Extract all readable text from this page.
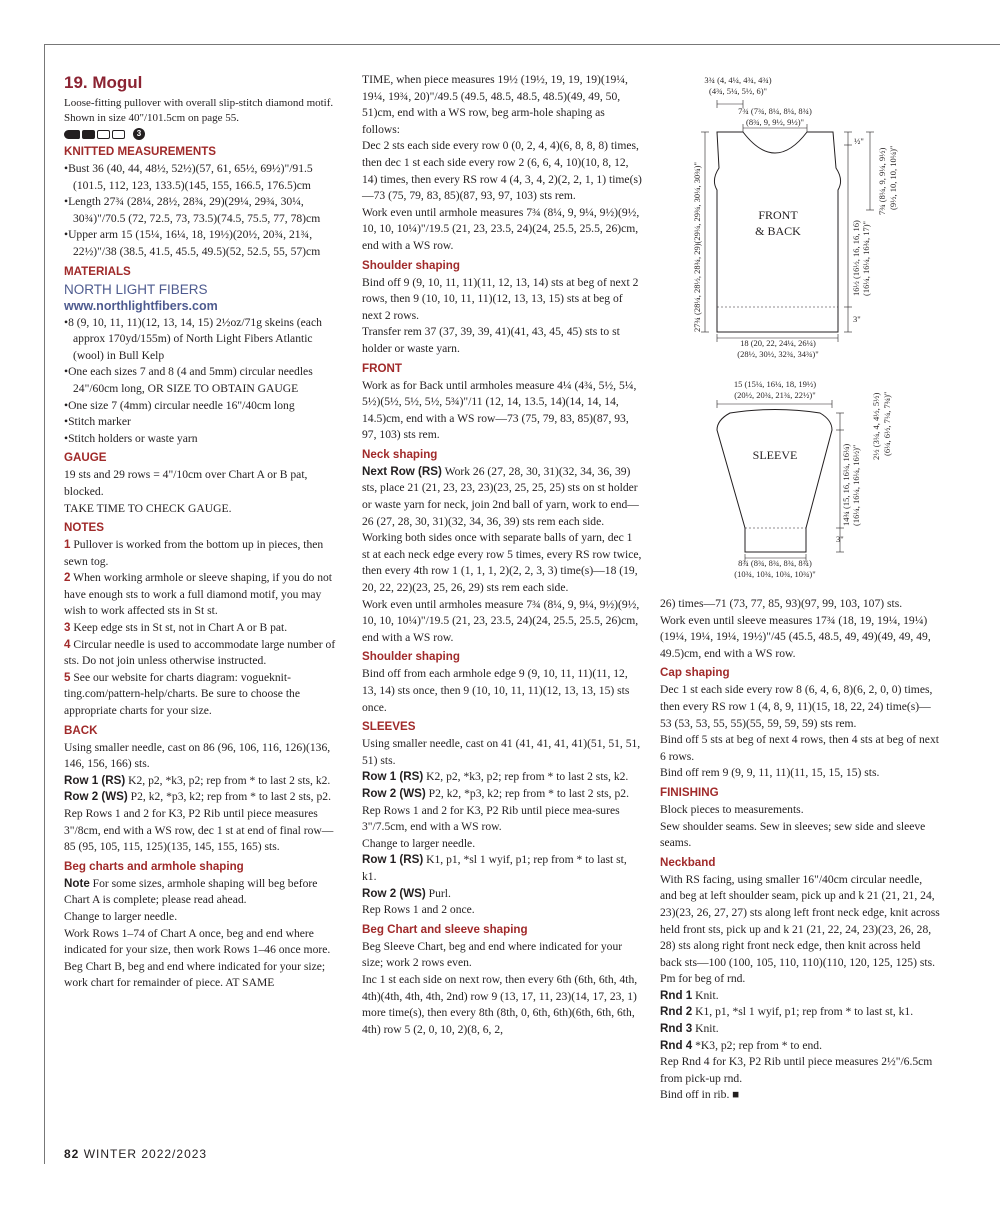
19. Mogul

Loose-fitting pullover with overall slip-stitch diamond motif. Shown in size 40"/101.5cm on page 55.

3
KNITTED MEASUREMENTS
• Bust 36 (40, 44, 48½, 52½)(57, 61, 65½, 69½)"/91.5 (101.5, 112, 123, 133.5)(145, 155, 166.5, 176.5)cm
• Length 27¾ (28¼, 28½, 28¾, 29)(29¼, 29¾, 30¼, 30¾)"/70.5 (72, 72.5, 73, 73.5)(74.5, 75.5, 77, 78)cm
• Upper arm 15 (15¼, 16¼, 18, 19½)(20½, 20¾, 21¾, 22½)"/38 (38.5, 41.5, 45.5, 49.5)(52, 52.5, 55, 57)cm
MATERIALS
NORTH LIGHT FIBERS
www.northlightfibers.com
• 8 (9, 10, 11, 11)(12, 13, 14, 15) 2½oz/71g skeins (each approx 170yd/155m) of North Light Fibers Atlantic (wool) in Bull Kelp
• One each sizes 7 and 8 (4 and 5mm) circular needles 24"/60cm long, OR SIZE TO OBTAIN GAUGE
• One size 7 (4mm) circular needle 16"/40cm long
• Stitch marker
• Stitch holders or waste yarn
GAUGE

19 sts and 29 rows = 4"/10cm over Chart A or B pat, blocked.

TAKE TIME TO CHECK GAUGE.

NOTES

1 Pullover is worked from the bottom up in pieces, then sewn tog.

2 When working armhole or sleeve shaping, if you do not have enough sts to work a full diamond motif, you may wish to work affected sts in St st.

3 Keep edge sts in St st, not in Chart A or B pat.

4 Circular needle is used to accommodate large number of sts. Do not join unless otherwise instructed.

5 See our website for charts diagram: vogueknit-ting.com/pattern-help/charts. Be sure to choose the appropriate charts for your size.

BACK

Using smaller needle, cast on 86 (96, 106, 116, 126)(136, 146, 156, 166) sts.

Row 1 (RS) K2, p2, *k3, p2; rep from * to last 2 sts, k2.

Row 2 (WS) P2, k2, *p3, k2; rep from * to last 2 sts, p2.

Rep Rows 1 and 2 for K3, P2 Rib until piece measures 3"/8cm, end with a WS row, dec 1 st at end of final row—85 (95, 105, 115, 125)(135, 145, 155, 165) sts.

Beg charts and armhole shaping

Note For some sizes, armhole shaping will beg before Chart A is complete; please read ahead.

Change to larger needle.

Work Rows 1–74 of Chart A once, beg and end where indicated for your size, then work Rows 1–46 once more.

Beg Chart B, beg and end where indicated for your size; work chart for remainder of piece. AT SAME

TIME, when piece measures 19½ (19½, 19, 19, 19)(19¼, 19¼, 19¾, 20)"/49.5 (49.5, 48.5, 48.5, 48.5)(49, 49, 50, 51)cm, end with a WS row, beg arm-hole shaping as follows:

Dec 2 sts each side every row 0 (0, 2, 4, 4)(6, 8, 8, 8) times, then dec 1 st each side every row 2 (6, 6, 4, 10)(10, 8, 12, 14) times, then every RS row 4 (4, 3, 4, 2)(2, 2, 1, 1) time(s)—73 (75, 79, 83, 85)(87, 93, 97, 103) sts rem.

Work even until armhole measures 7¾ (8¼, 9, 9¼, 9½)(9½, 10, 10, 10¼)"/19.5 (21, 23, 23.5, 24)(24, 25.5, 25.5, 26)cm, end with a WS row.

Shoulder shaping

Bind off 9 (9, 10, 11, 11)(11, 12, 13, 14) sts at beg of next 2 rows, then 9 (10, 10, 11, 11)(12, 13, 13, 15) sts at beg of next 2 rows.

Transfer rem 37 (37, 39, 39, 41)(41, 43, 45, 45) sts to st holder or waste yarn.

FRONT

Work as for Back until armholes measure 4¼ (4¾, 5½, 5¼, 5½)(5½, 5½, 5½, 5¾)"/11 (12, 14, 13.5, 14)(14, 14, 14, 14.5)cm, end with a WS row—73 (75, 79, 83, 85)(87, 93, 97, 103) sts rem.

Neck shaping

Next Row (RS) Work 26 (27, 28, 30, 31)(32, 34, 36, 39) sts, place 21 (21, 23, 23, 23)(23, 25, 25, 25) sts on st holder or waste yarn for neck, join 2nd ball of yarn, work to end—26 (27, 28, 30, 31)(32, 34, 36, 39) sts rem each side.

Working both sides once with separate balls of yarn, dec 1 st at each neck edge every row 5 times, every RS row twice, then every 4th row 1 (1, 1, 1, 2)(2, 2, 3, 3) time(s)—18 (19, 20, 22, 22)(23, 25, 26, 29) sts rem each side.

Work even until armholes measure 7¾ (8¼, 9, 9¼, 9½)(9½, 10, 10, 10¼)"/19.5 (21, 23, 23.5, 24)(24, 25.5, 25.5, 26)cm, end with a WS row.

Shoulder shaping

Bind off from each armhole edge 9 (9, 10, 11, 11)(11, 12, 13, 14) sts once, then 9 (10, 10, 11, 11)(12, 13, 13, 15) sts once.

SLEEVES

Using smaller needle, cast on 41 (41, 41, 41, 41)(51, 51, 51, 51) sts.

Row 1 (RS) K2, p2, *k3, p2; rep from * to last 2 sts, k2.

Row 2 (WS) P2, k2, *p3, k2; rep from * to last 2 sts, p2.

Rep Rows 1 and 2 for K3, P2 Rib until piece mea-sures 3"/7.5cm, end with a WS row.

Change to larger needle.

Row 1 (RS) K1, p1, *sl 1 wyif, p1; rep from * to last st, k1.

Row 2 (WS) Purl.

Rep Rows 1 and 2 once.

Beg Chart and sleeve shaping

Beg Sleeve Chart, beg and end where indicated for your size; work 2 rows even.

Inc 1 st each side on next row, then every 6th (6th, 6th, 4th, 4th)(4th, 4th, 4th, 2nd) row 9 (13, 17, 11, 23)(14, 17, 23, 1) more time(s), then every 8th (8th, 0, 6th, 6th)(6th, 6th, 6th, 4th) row 5 (2, 0, 10, 2)(8, 6, 2,

FRONT
& BACK
3¾ (4, 4¼, 4¾, 4¾)
(4¾, 5¼, 5½, 6)"
7¾ (7¾, 8¼, 8¼, 8¾)
(8¾, 9, 9½, 9½)"
½"
27¾ (28¼, 28½, 28¾, 29)(29¼, 29¾, 30¼, 30¾)"	7¾ (8¼, 9, 9¼, 9½) (9½, 10, 10, 10¼)"
16½ (16½, 16, 16, 16) (16¼, 16¼, 16¾, 17)"
3"
18 (20, 22, 24¼, 26¼)
(28½, 30½, 32¾, 34¾)"
SLEEVE
15 (15¼, 16¼, 18, 19½)
(20½, 20¾, 21¾, 22½)"	2½ (3¼, 4, 4½, 5½) (6¼, 6½, 7¼, 7¾)"
14¾ (15, 16, 16¼, 16¼) (16¼, 16¼, 16¼, 16½)"
3"
8¾ (8¾, 8¾, 8¾, 8¾)
(10¾, 10¾, 10¾, 10¾)"

26) times—71 (73, 77, 85, 93)(97, 99, 103, 107) sts.

Work even until sleeve measures 17¾ (18, 19, 19¼, 19¼)(19¼, 19¼, 19¼, 19½)"/45 (45.5, 48.5, 49, 49)(49, 49, 49, 49.5)cm, end with a WS row.

Cap shaping

Dec 1 st each side every row 8 (6, 4, 6, 8)(6, 2, 0, 0) times, then every RS row 1 (4, 8, 9, 11)(15, 18, 22, 24) time(s)—53 (53, 53, 55, 55)(55, 59, 59, 59) sts rem.

Bind off 5 sts at beg of next 4 rows, then 4 sts at beg of next 6 rows.

Bind off rem 9 (9, 9, 11, 11)(11, 15, 15, 15) sts.

FINISHING

Block pieces to measurements.

Sew shoulder seams. Sew in sleeves; sew side and sleeve seams.

Neckband

With RS facing, using smaller 16"/40cm circular needle, and beg at left shoulder seam, pick up and k 21 (21, 21, 24, 23)(23, 26, 27, 27) sts along left front neck edge, knit across held front sts, pick up and k 21 (21, 22, 24, 23)(23, 26, 28, 28) sts along right front neck edge, then knit across held back sts—100 (100, 105, 110, 110)(110, 120, 125, 125) sts. Pm for beg of rnd.

Rnd 1 Knit.

Rnd 2 K1, p1, *sl 1 wyif, p1; rep from * to last st, k1.

Rnd 3 Knit.

Rnd 4 *K3, p2; rep from * to end.

Rep Rnd 4 for K3, P2 Rib until piece measures 2½"/6.5cm from pick-up rnd.

Bind off in rib. ■

82 WINTER 2022/2023
